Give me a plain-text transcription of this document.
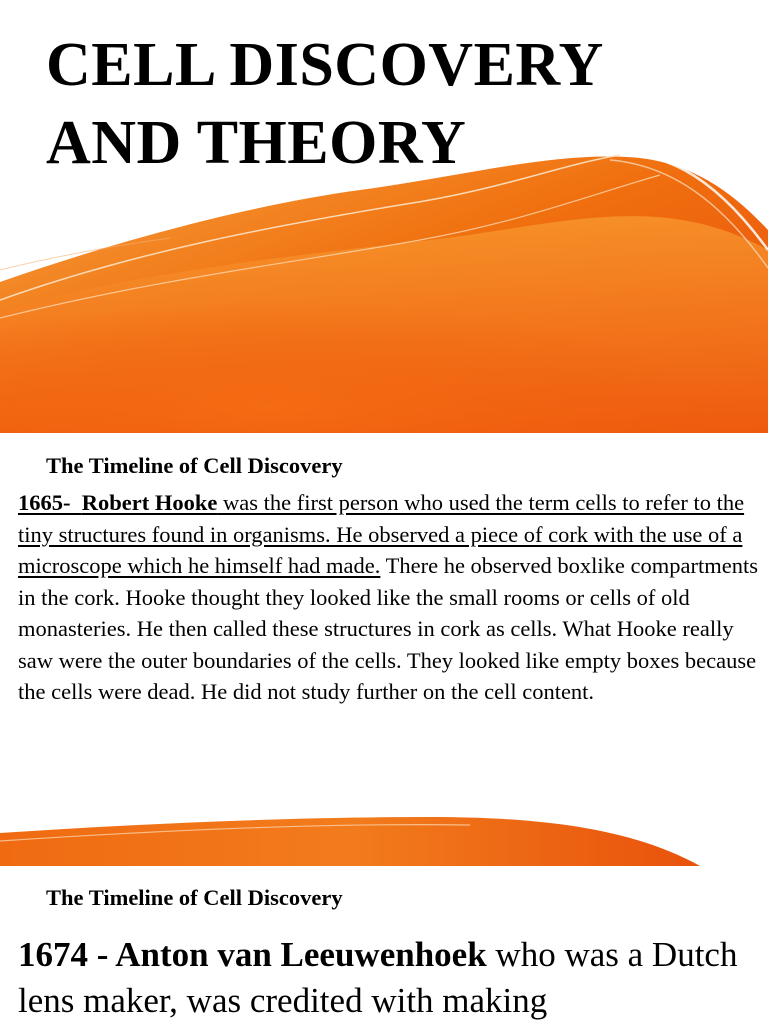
CELL DISCOVERY
AND THEORY
The Timeline of Cell Discovery

1665- Robert Hooke was the first person who used the term cells to refer to the tiny structures found in organisms. He observed a piece of cork with the use of a microscope which he himself had made. There he observed boxlike compartments in the cork. Hooke thought they looked like the small rooms or cells of old monasteries. He then called these structures in cork as cells. What Hooke really saw were the outer boundaries of the cells. They looked like empty boxes because the cells were dead. He did not study further on the cell content.

The Timeline of Cell Discovery

1674 - Anton van Leeuwenhoek who was a Dutch lens maker, was credited with making
